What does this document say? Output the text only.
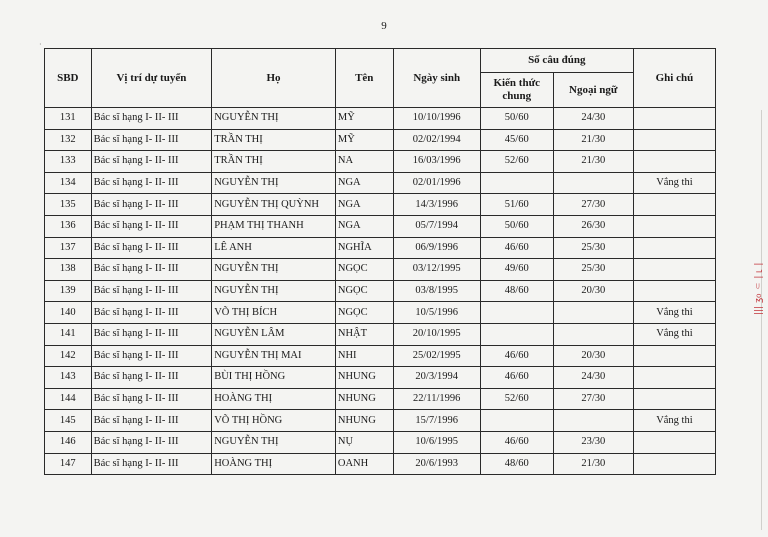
9
·
SBD	Vị trí dự tuyển	Họ	Tên	Ngày sinh	Số câu đúng		Ghi chú
					Kiến thức chung	Ngoại ngữ	
131	Bác sĩ hạng I- II- III	NGUYỄN THỊ	MỸ	10/10/1996	50/60	24/30	
132	Bác sĩ hạng I- II- III	TRẦN THỊ	MỸ	02/02/1994	45/60	21/30	
133	Bác sĩ hạng I- II- III	TRẦN THỊ	NA	16/03/1996	52/60	21/30	
134	Bác sĩ hạng I- II- III	NGUYỄN THỊ	NGA	02/01/1996			Vắng thi
135	Bác sĩ hạng I- II- III	NGUYỄN THỊ QUỲNH	NGA	14/3/1996	51/60	27/30	
136	Bác sĩ hạng I- II- III	PHẠM THỊ THANH	NGA	05/7/1994	50/60	26/30	
137	Bác sĩ hạng I- II- III	LÊ ANH	NGHĨA	06/9/1996	46/60	25/30	
138	Bác sĩ hạng I- II- III	NGUYỄN THỊ	NGỌC	03/12/1995	49/60	25/30	
139	Bác sĩ hạng I- II- III	NGUYỄN THỊ	NGỌC	03/8/1995	48/60	20/30	
140	Bác sĩ hạng I- II- III	VÕ THỊ BÍCH	NGỌC	10/5/1996			Vắng thi
141	Bác sĩ hạng I- II- III	NGUYỄN LÂM	NHẬT	20/10/1995			Vắng thi
142	Bác sĩ hạng I- II- III	NGUYỄN THỊ MAI	NHI	25/02/1995	46/60	20/30	
143	Bác sĩ hạng I- II- III	BÙI THỊ HỒNG	NHUNG	20/3/1994	46/60	24/30	
144	Bác sĩ hạng I- II- III	HOÀNG THỊ	NHUNG	22/11/1996	52/60	27/30	
145	Bác sĩ hạng I- II- III	VÕ THỊ HỒNG	NHUNG	15/7/1996			Vắng thi
146	Bác sĩ hạng I- II- III	NGUYỄN THỊ	NỤ	10/6/1995	46/60	23/30	
147	Bác sĩ hạng I- II- III	HOÀNG THỊ	OANH	20/6/1993	48/60	21/30	
||| ʒ᧐ ⸦ |⌐|
